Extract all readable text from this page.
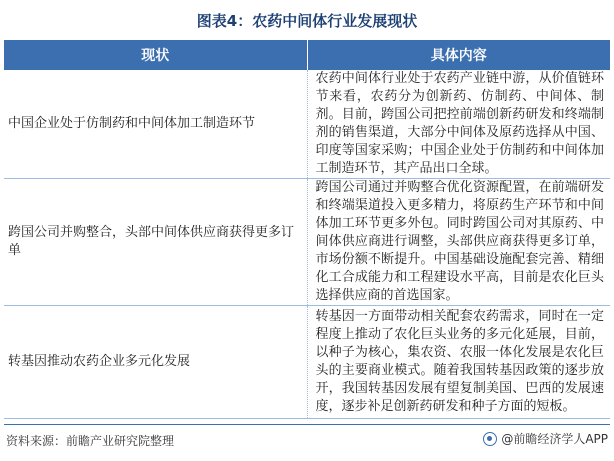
图表4：农药中间体行业发展现状
现状	具体内容
中国企业处于仿制药和中间体加工制造环节	农药中间体行业处于农药产业链中游，从价值链环节来看，农药分为创新药、仿制药、中间体、制剂。目前，跨国公司把控前端创新药研发和终端制剂的销售渠道，大部分中间体及原药选择从中国、印度等国家采购；中国企业处于仿制药和中间体加工制造环节，其产品出口全球。
跨国公司并购整合，头部中间体供应商获得更多订单	跨国公司通过并购整合优化资源配置，在前端研发和终端渠道投入更多精力，将原药生产环节和中间体加工环节更多外包。同时跨国公司对其原药、中间体供应商进行调整，头部供应商获得更多订单，市场份额不断提升。中国基础设施配套完善、精细化工合成能力和工程建设水平高，目前是农化巨头选择供应商的首选国家。
转基因推动农药企业多元化发展	转基因一方面带动相关配套农药需求，同时在一定程度上推动了农化巨头业务的多元化延展，目前，以种子为核心，集农资、农服一体化发展是农化巨头的主要商业模式。随着我国转基因政策的逐步放开，我国转基因发展有望复制美国、巴西的发展速度，逐步补足创新药研发和种子方面的短板。
资料来源：前瞻产业研究院整理	@前瞻经济学人APP
